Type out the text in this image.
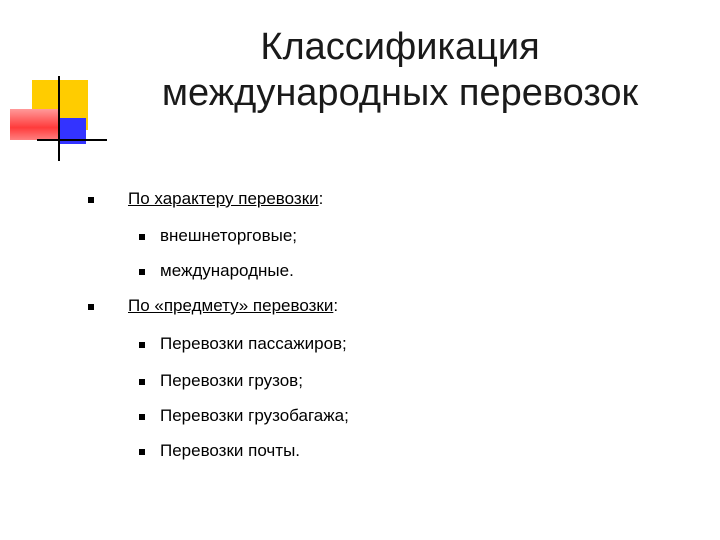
Классификация
международных перевозок
По характеру перевозки:
внешнеторговые;
международные.
По «предмету» перевозки:
Перевозки пассажиров;
Перевозки грузов;
Перевозки грузобагажа;
Перевозки почты.
